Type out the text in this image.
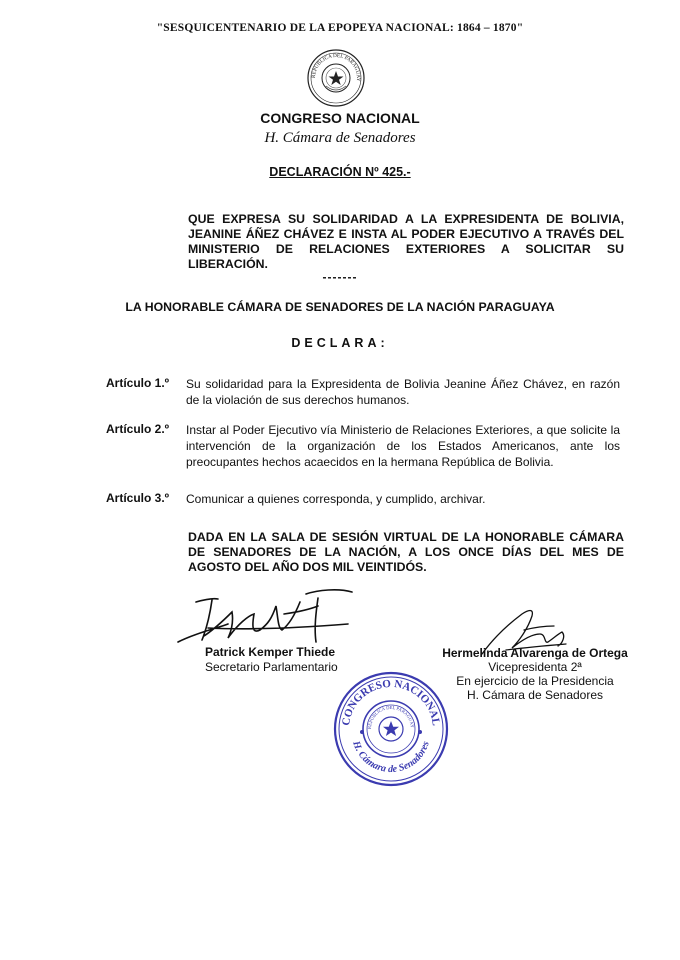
"SESQUICENTENARIO DE LA EPOPEYA NACIONAL: 1864 – 1870"
REPÚBLICA DEL PARAGUAY
CONGRESO NACIONAL
H. Cámara de Senadores
DECLARACIÓN Nº 425.-
QUE EXPRESA SU SOLIDARIDAD A LA EXPRESIDENTA DE BOLIVIA, JEANINE ÁÑEZ CHÁVEZ E INSTA AL PODER EJECUTIVO A TRAVÉS DEL MINISTERIO DE RELACIONES EXTERIORES A SOLICITAR SU LIBERACIÓN.
-------
LA HONORABLE CÁMARA DE SENADORES DE LA NACIÓN PARAGUAYA
DECLARA:
Artículo 1.º Su solidaridad para la Expresidenta de Bolivia Jeanine Áñez Chávez, en razón de la violación de sus derechos humanos.
Artículo 2.º Instar al Poder Ejecutivo vía Ministerio de Relaciones Exteriores, a que solicite la intervención de la organización de los Estados Americanos, ante los preocupantes hechos acaecidos en la hermana República de Bolivia.
Artículo 3.º Comunicar a quienes corresponda, y cumplido, archivar.
DADA EN LA SALA DE SESIÓN VIRTUAL DE LA HONORABLE CÁMARA DE SENADORES DE LA NACIÓN, A LOS ONCE DÍAS DEL MES DE AGOSTO DEL AÑO DOS MIL VEINTIDÓS.
Patrick Kemper Thiede
Secretario Parlamentario
Hermelinda Alvarenga de Ortega
Vicepresidenta 2ª
En ejercicio de la Presidencia
H. Cámara de Senadores
CONGRESO NACIONAL
H. Cámara de Senadores
REPÚBLICA DEL PARAGUAY
